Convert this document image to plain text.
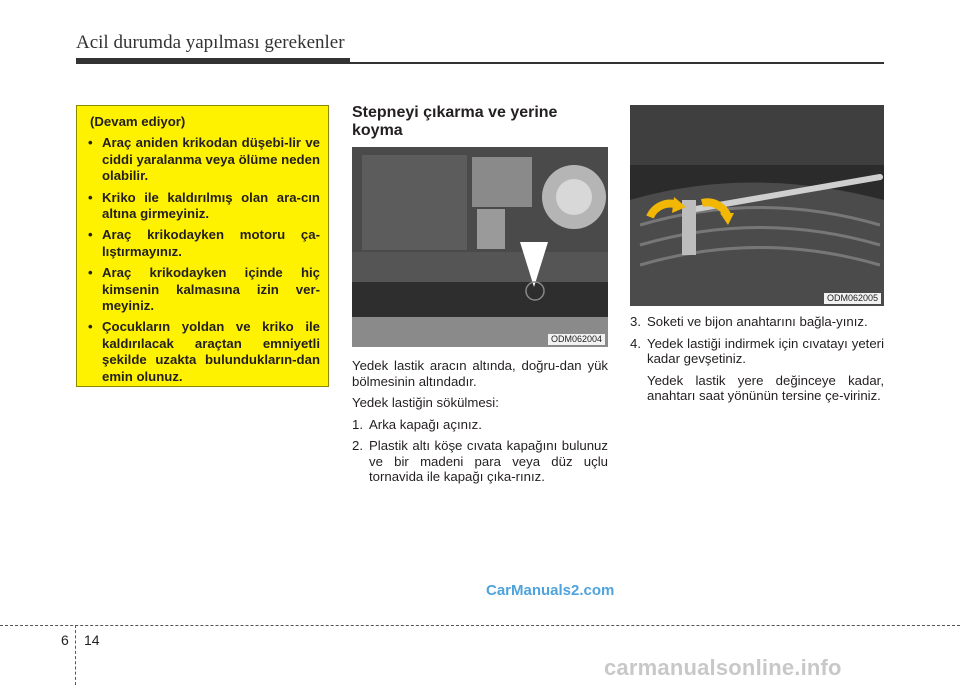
Acil durumda yapılması gerekenler
(Devam ediyor)
• Araç aniden krikodan düşebi-lir ve ciddi yaralanma veya ölüme neden olabilir.
• Kriko ile kaldırılmış olan ara-cın altına girmeyiniz.
• Araç krikodayken motoru ça-lıştırmayınız.
• Araç krikodayken içinde hiç kimsenin kalmasına izin ver-meyiniz.
• Çocukların yoldan ve kriko ile kaldırılacak araçtan emniyetli şekilde uzakta bulundukların-dan emin olunuz.
Stepneyi çıkarma ve yerine koyma
ODM062004

Yedek lastik aracın altında, doğru-dan yük bölmesinin altındadır.

Yedek lastiğin sökülmesi:

1. Arka kapağı açınız.
2. Plastik altı köşe cıvata kapağını bulunuz ve bir madeni para veya düz uçlu tornavida ile kapağı çıka-rınız.
ODM062005
3. Soketi ve bijon anahtarını bağla-yınız.
4. Yedek lastiği indirmek için cıvatayı yeteri kadar gevşetiniz.

Yedek lastik yere değinceye kadar, anahtarı saat yönünün tersine çe-viriniz.

CarManuals2.com
6 14
carmanualsonline.info
